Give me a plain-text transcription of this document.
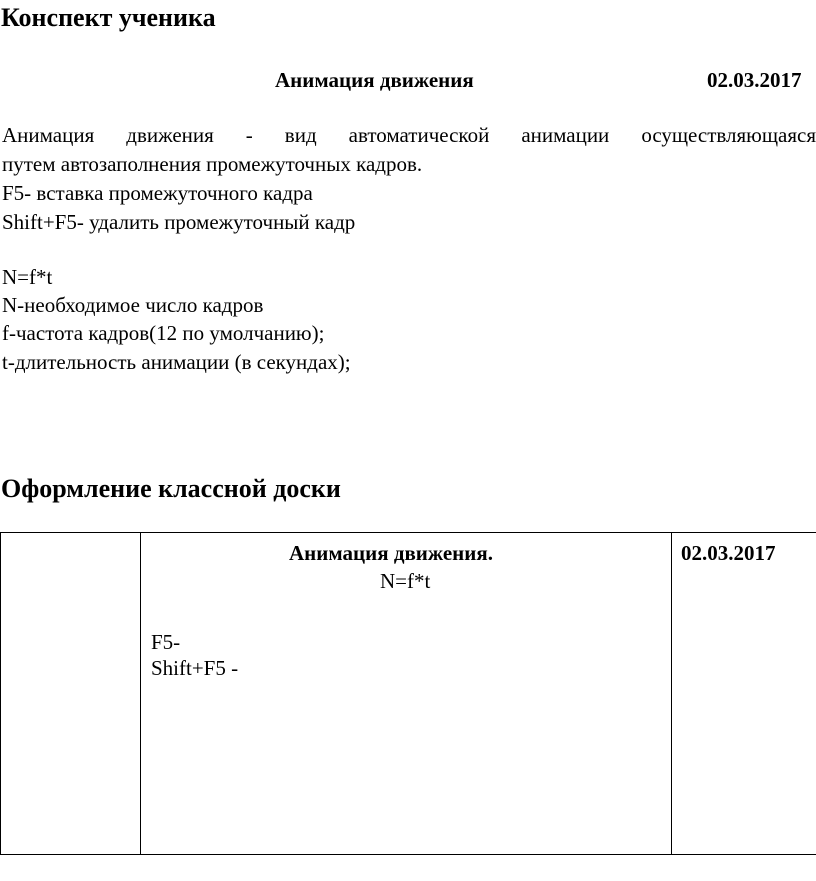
Конспект ученика
Анимация движения	02.03.2017
Анимация движения - вид автоматической анимации осуществляющаяся
путем автозаполнения промежуточных кадров.
F5- вставка промежуточного кадра
Shift+F5- удалить промежуточный кадр
N=f*t
N-необходимое число кадров
f-частота кадров(12 по умолчанию);
t-длительность анимации (в секундах);
Оформление классной доски
Анимация движения.
N=f*t
F5-
Shift+F5 -
02.03.2017
